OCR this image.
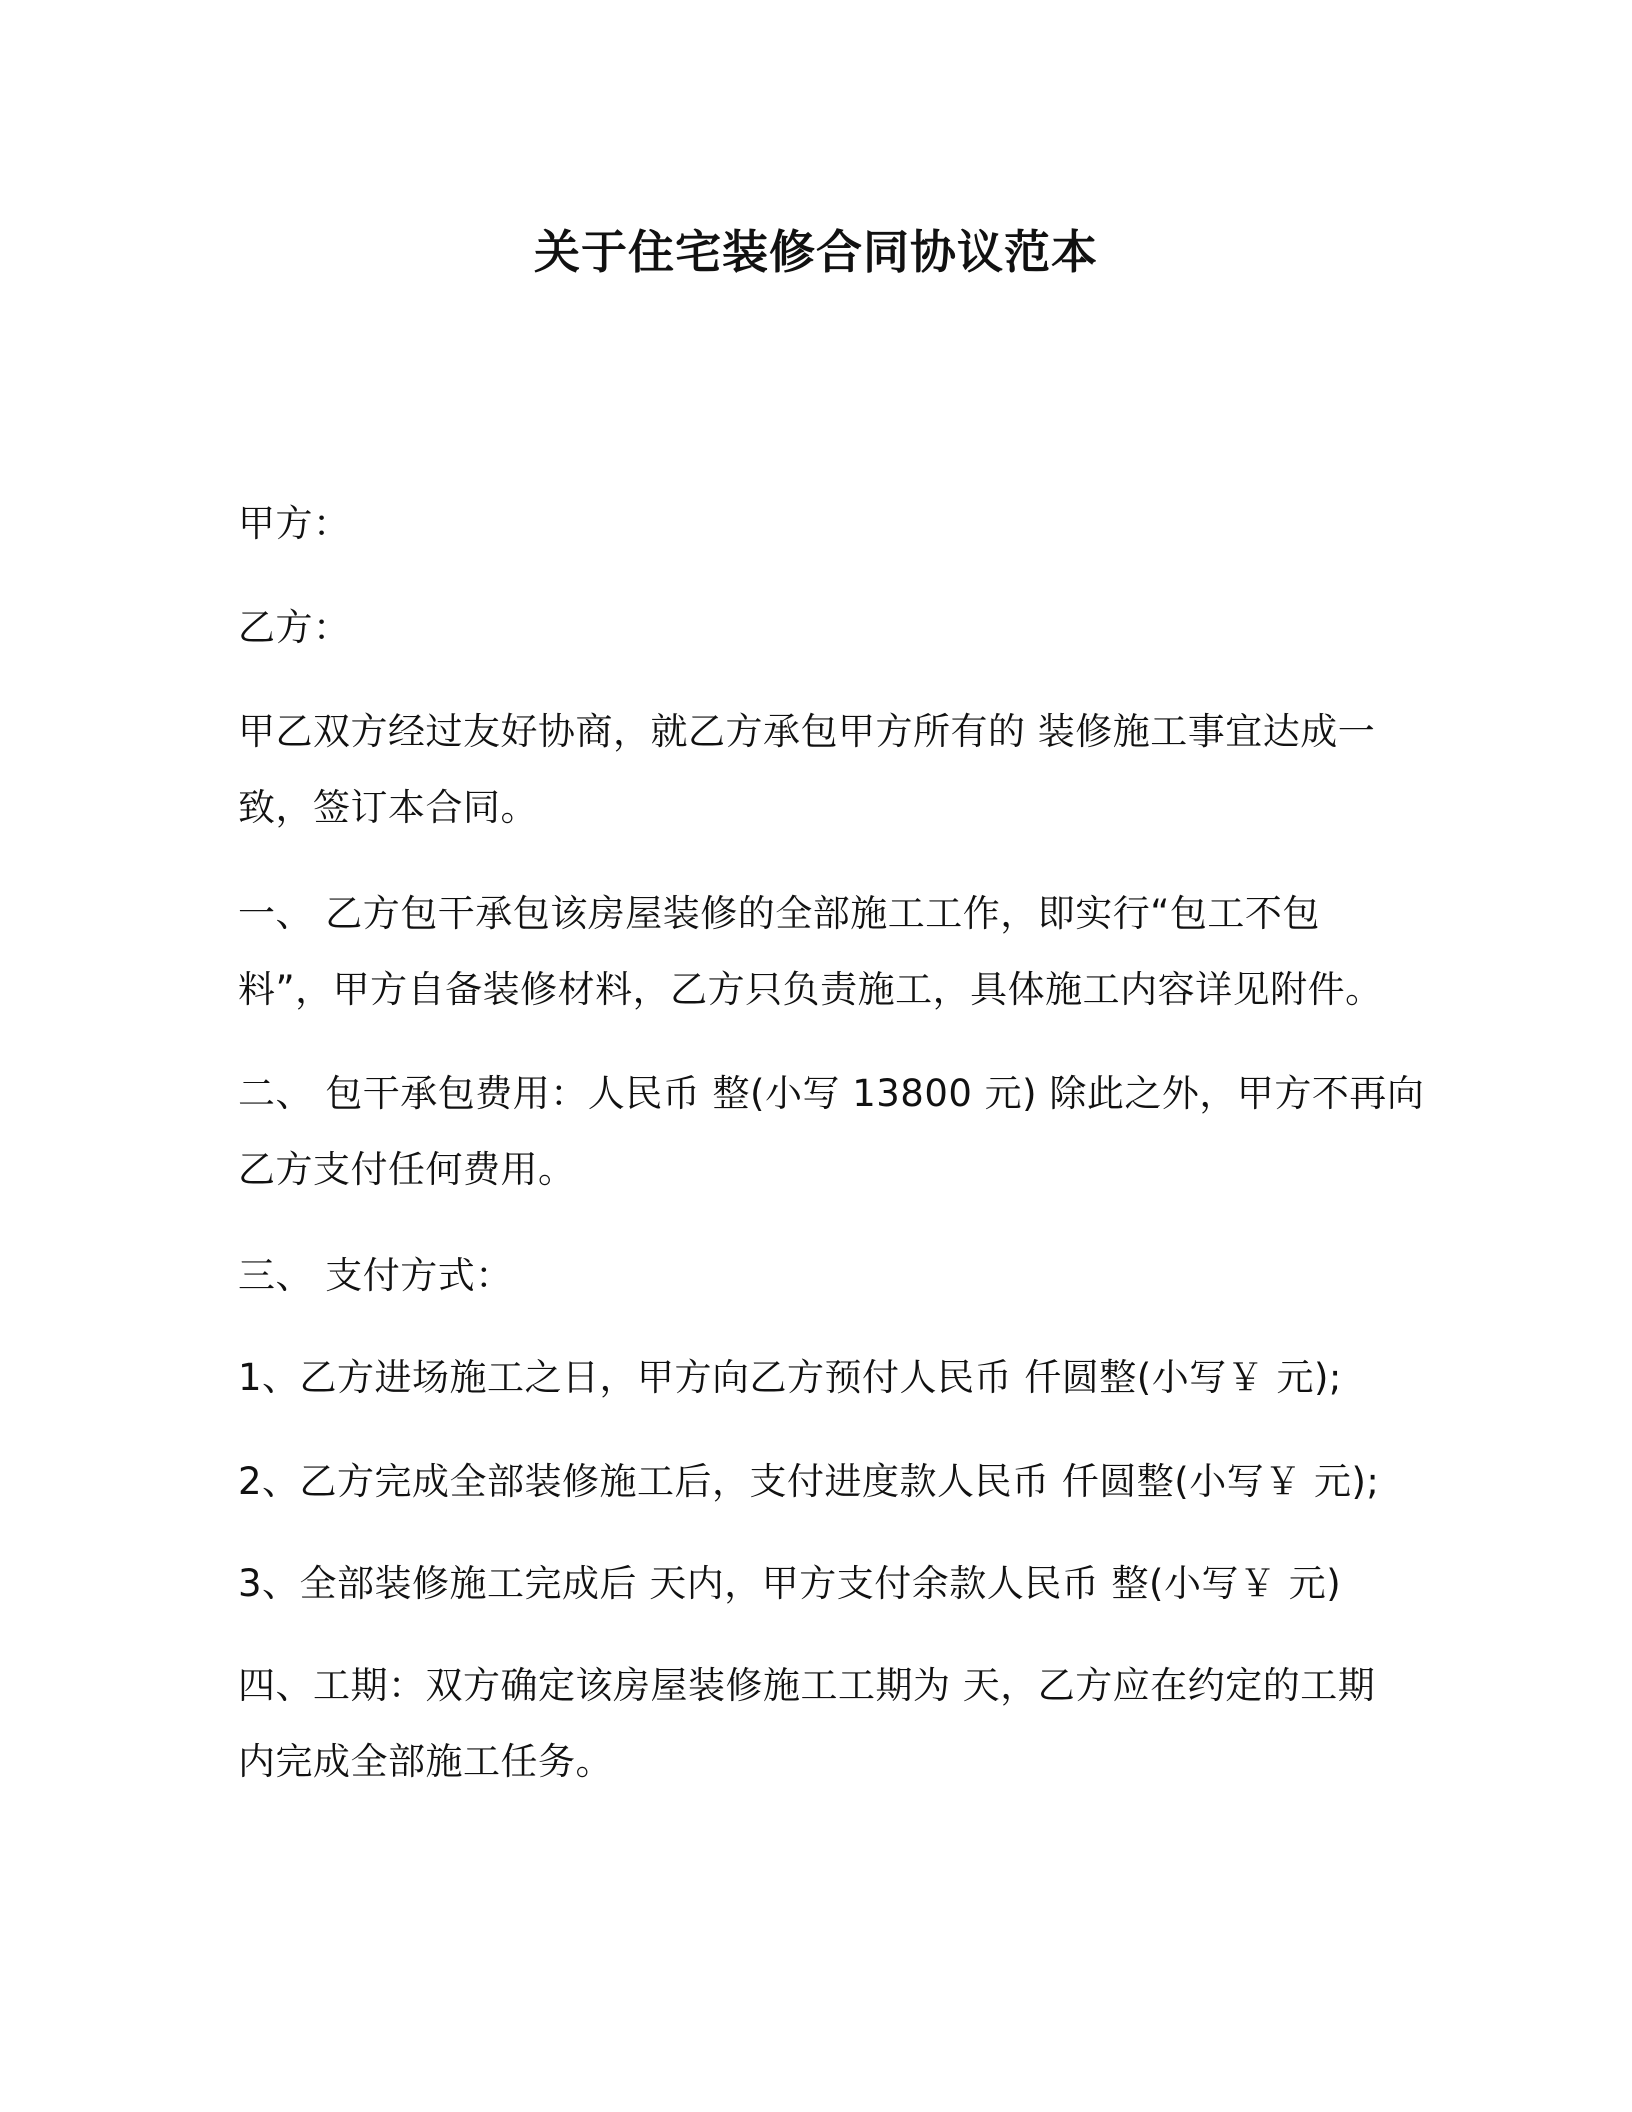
关于住宅装修合同协议范本

甲方：

乙方：

甲乙双方经过友好协商，就乙方承包甲方所有的 装修施工事宜达成一
致，签订本合同。

一、 乙方包干承包该房屋装修的全部施工工作，即实行“包工不包
料”，甲方自备装修材料，乙方只负责施工，具体施工内容详见附件。

二、 包干承包费用：人民币 整(小写 13800 元) 除此之外，甲方不再向
乙方支付任何费用。

三、 支付方式：

1、乙方进场施工之日，甲方向乙方预付人民币 仟圆整(小写￥ 元);

2、乙方完成全部装修施工后，支付进度款人民币 仟圆整(小写￥ 元);

3、全部装修施工完成后 天内，甲方支付余款人民币 整(小写￥ 元)

四、工期：双方确定该房屋装修施工工期为 天，乙方应在约定的工期
内完成全部施工任务。
